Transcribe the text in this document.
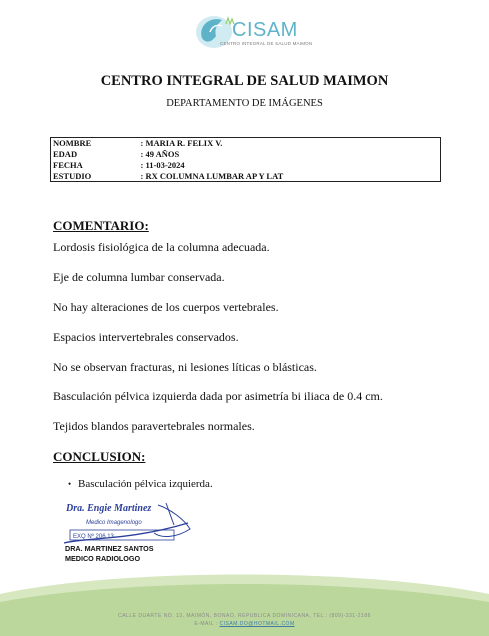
CISAM
CENTRO INTEGRAL DE SALUD MAIMON
CENTRO INTEGRAL DE SALUD MAIMON
DEPARTAMENTO DE IMÁGENES
NOMBRE	: MARIA R. FELIX V.
EDAD	: 49 AÑOS
FECHA	: 11-03-2024
ESTUDIO	: RX COLUMNA LUMBAR AP Y LAT
COMENTARIO:
Lordosis fisiológica de la columna adecuada.
Eje de columna lumbar conservada.
No hay alteraciones de los cuerpos vertebrales.
Espacios intervertebrales conservados.
No se observan fracturas, ni lesiones líticas o blásticas.
Basculación pélvica izquierda dada por asimetría bi iliaca de 0.4 cm.
Tejidos blandos paravertebrales normales.
CONCLUSION:
• Basculación pélvica izquierda.
Dra. Engie Martinez
Medico Imagenologo
EXQ Nº 206 13
DRA. MARTINEZ SANTOS
MEDICO RADIOLOGO
CALLE DUARTE NO. 13, MAIMÓN, BONAO, REPUBLICA DOMINICANA, TEL.: (809)-331-2186
E-MAIL : CISAM.DO@HOTMAIL.COM
